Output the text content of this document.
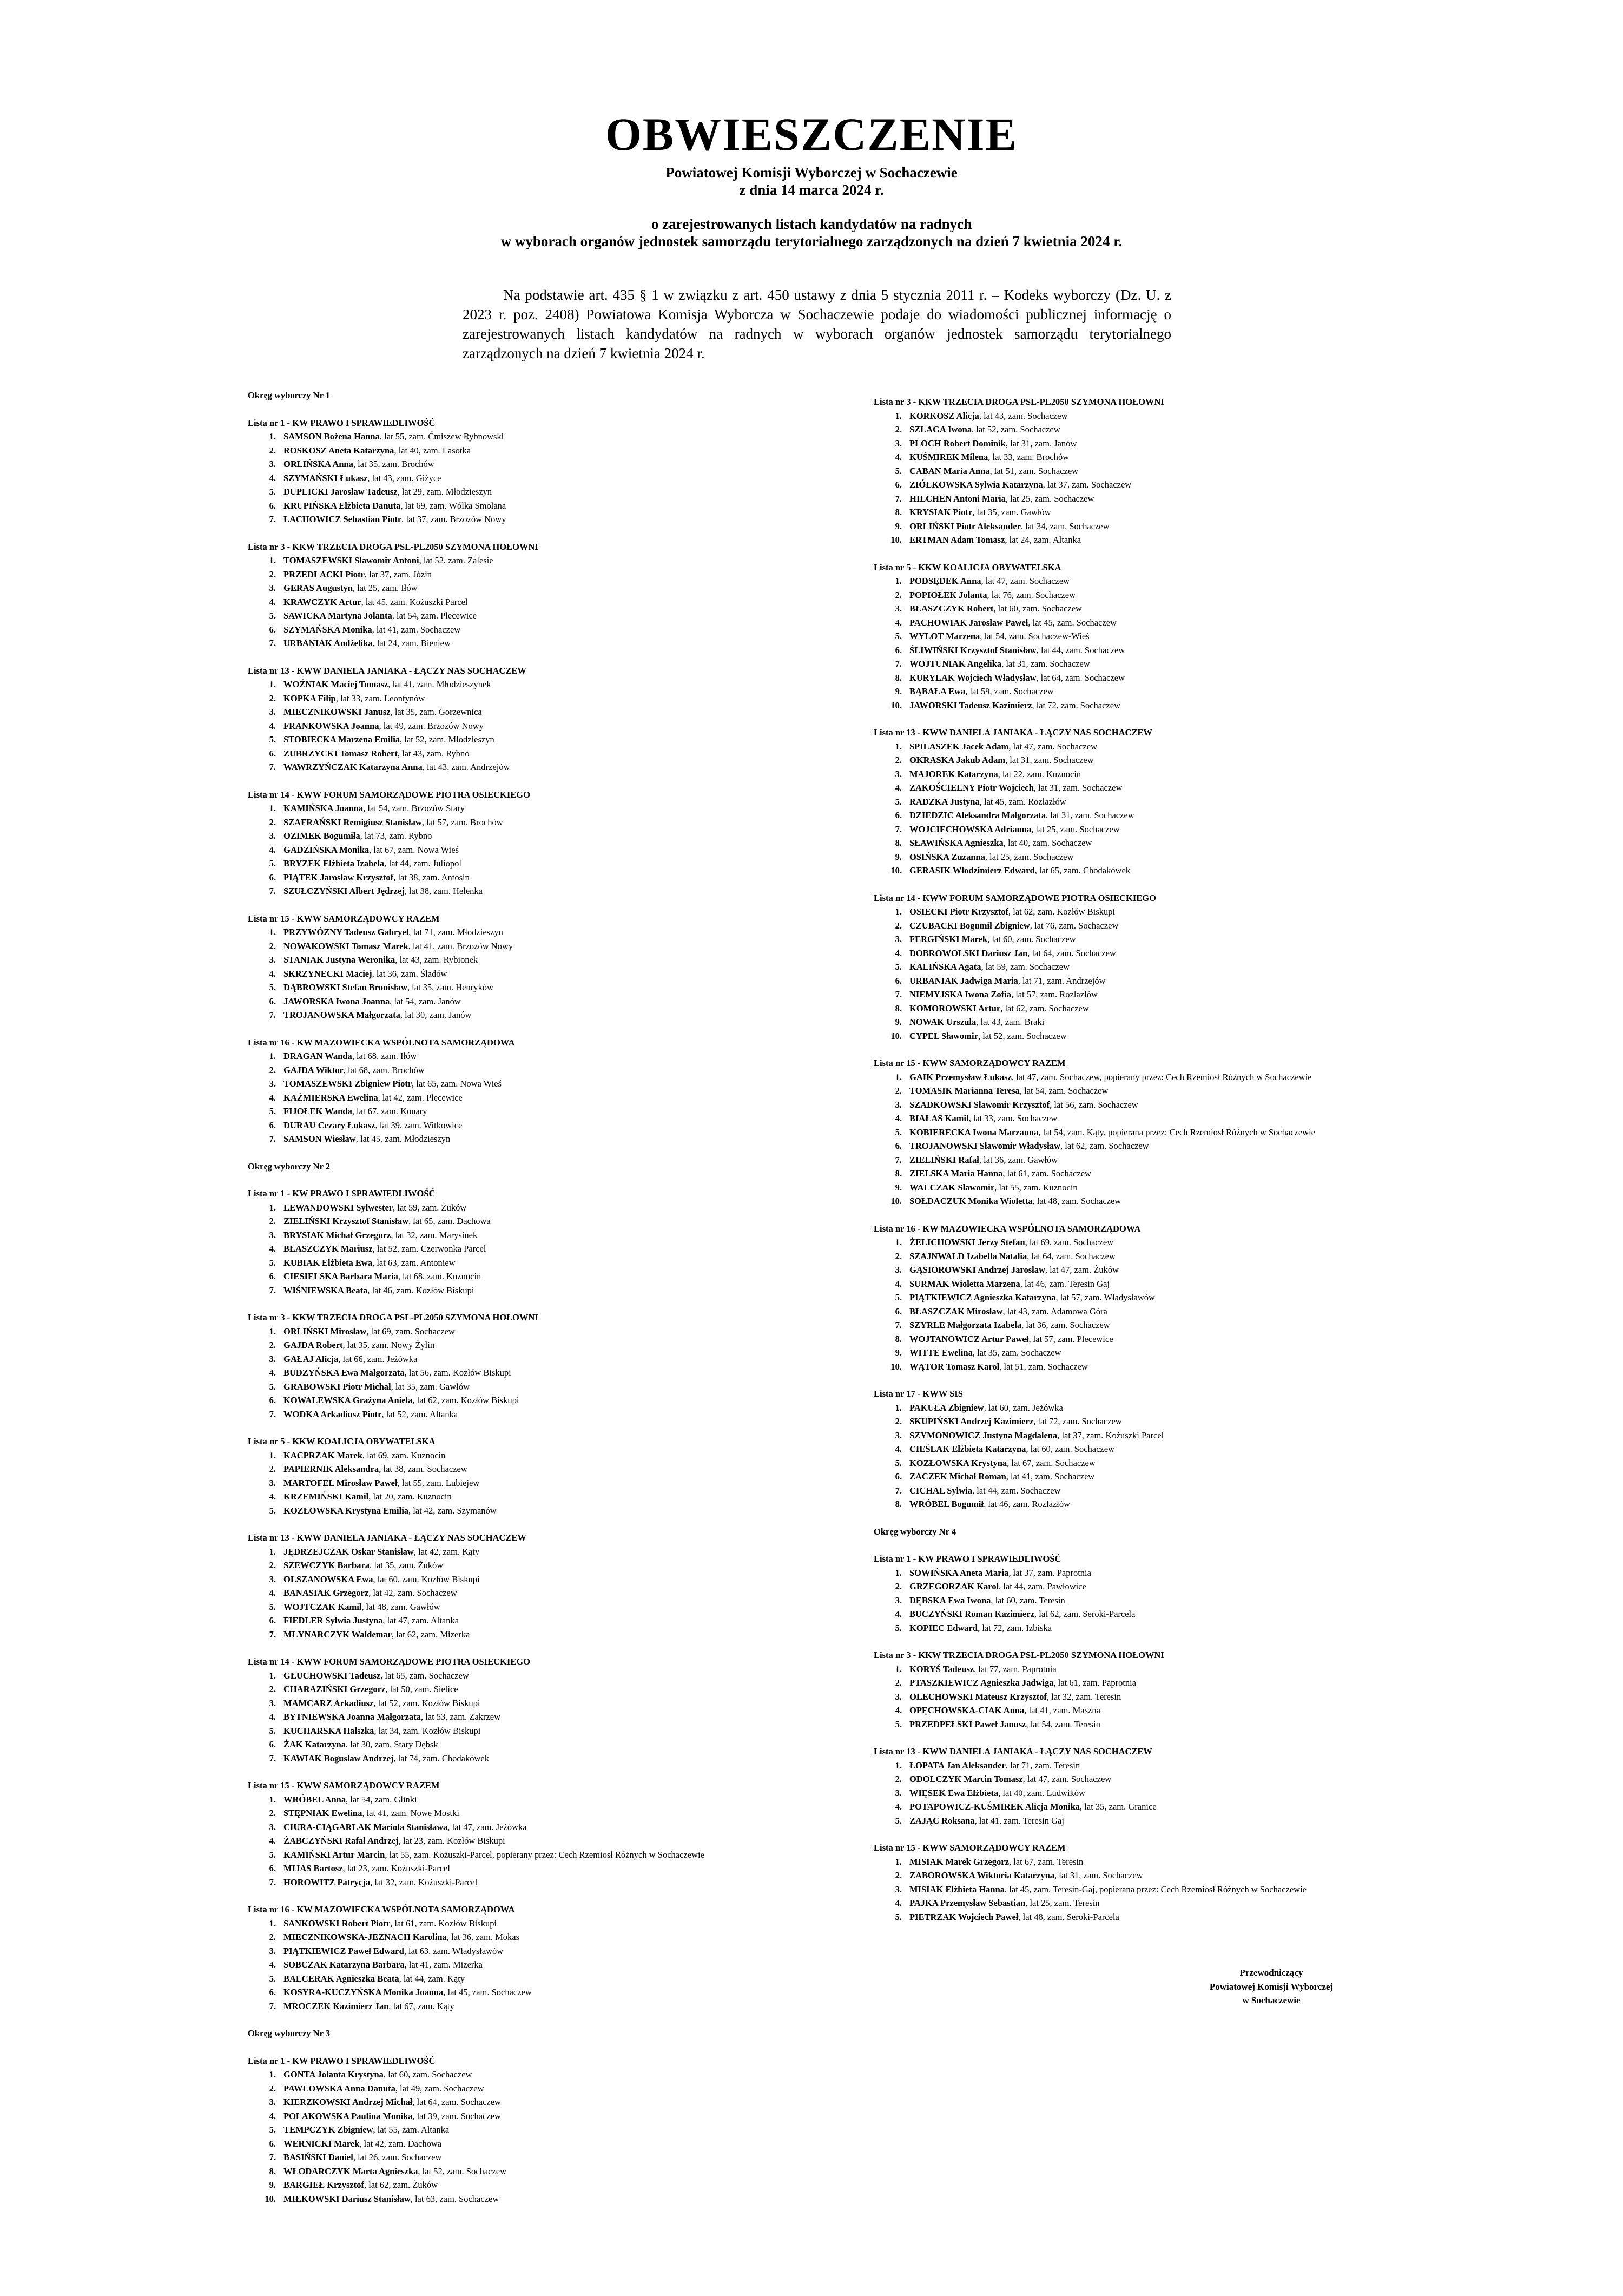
OBWIESZCZENIE
Powiatowej Komisji Wyborczej w Sochaczewie
z dnia 14 marca 2024 r.
o zarejestrowanych listach kandydatów na radnych
w wyborach organów jednostek samorządu terytorialnego zarządzonych na dzień 7 kwietnia 2024 r.
Na podstawie art. 435 § 1 w związku z art. 450 ustawy z dnia 5 stycznia 2011 r. – Kodeks wyborczy (Dz. U. z 2023 r. poz. 2408) Powiatowa Komisja Wyborcza w Sochaczewie podaje do wiadomości publicznej informację o zarejestrowanych listach kandydatów na radnych w wyborach organów jednostek samorządu terytorialnego zarządzonych na dzień 7 kwietnia 2024 r.
Okręg wyborczy Nr 1
Lista nr 1 - KW PRAWO I SPRAWIEDLIWOŚĆ
1. SAMSON Bożena Hanna, lat 55, zam. Ćmiszew Rybnowski
2. ROSKOSZ Aneta Katarzyna, lat 40, zam. Lasotka
3. ORLIŃSKA Anna, lat 35, zam. Brochów
4. SZYMAŃSKI Łukasz, lat 43, zam. Giżyce
5. DUPLICKI Jarosław Tadeusz, lat 29, zam. Młodzieszyn
6. KRUPIŃSKA Elżbieta Danuta, lat 69, zam. Wólka Smolana
7. LACHOWICZ Sebastian Piotr, lat 37, zam. Brzozów Nowy
Lista nr 3 - KKW TRZECIA DROGA PSL-PL2050 SZYMONA HOŁOWNI
1. TOMASZEWSKI Sławomir Antoni, lat 52, zam. Zalesie
2. PRZEDLACKI Piotr, lat 37, zam. Józin
3. GERAS Augustyn, lat 25, zam. Iłów
4. KRAWCZYK Artur, lat 45, zam. Kożuszki Parcel
5. SAWICKA Martyna Jolanta, lat 54, zam. Plecewice
6. SZYMAŃSKA Monika, lat 41, zam. Sochaczew
7. URBANIAK Andżelika, lat 24, zam. Bieniew
Lista nr 13 - KWW DANIELA JANIAKA - ŁĄCZY NAS SOCHACZEW
1. WOŹNIAK Maciej Tomasz, lat 41, zam. Młodzieszynek
2. KOPKA Filip, lat 33, zam. Leontynów
3. MIECZNIKOWSKI Janusz, lat 35, zam. Gorzewnica
4. FRANKOWSKA Joanna, lat 49, zam. Brzozów Nowy
5. STOBIECKA Marzena Emilia, lat 52, zam. Młodzieszyn
6. ZUBRZYCKI Tomasz Robert, lat 43, zam. Rybno
7. WAWRZYŃCZAK Katarzyna Anna, lat 43, zam. Andrzejów
Lista nr 14 - KWW FORUM SAMORZĄDOWE PIOTRA OSIECKIEGO
1. KAMIŃSKA Joanna, lat 54, zam. Brzozów Stary
2. SZAFRAŃSKI Remigiusz Stanisław, lat 57, zam. Brochów
3. OZIMEK Bogumiła, lat 73, zam. Rybno
4. GADZIŃSKA Monika, lat 67, zam. Nowa Wieś
5. BRYZEK Elżbieta Izabela, lat 44, zam. Juliopol
6. PIĄTEK Jarosław Krzysztof, lat 38, zam. Antosin
7. SZUŁCZYŃSKI Albert Jędrzej, lat 38, zam. Helenka
Lista nr 15 - KWW SAMORZĄDOWCY RAZEM
1. PRZYWÓZNY Tadeusz Gabryel, lat 71, zam. Młodzieszyn
2. NOWAKOWSKI Tomasz Marek, lat 41, zam. Brzozów Nowy
3. STANIAK Justyna Weronika, lat 43, zam. Rybionek
4. SKRZYNECKI Maciej, lat 36, zam. Śladów
5. DĄBROWSKI Stefan Bronisław, lat 35, zam. Henryków
6. JAWORSKA Iwona Joanna, lat 54, zam. Janów
7. TROJANOWSKA Małgorzata, lat 30, zam. Janów
Lista nr 16 - KW MAZOWIECKA WSPÓLNOTA SAMORZĄDOWA
1. DRAGAN Wanda, lat 68, zam. Iłów
2. GAJDA Wiktor, lat 68, zam. Brochów
3. TOMASZEWSKI Zbigniew Piotr, lat 65, zam. Nowa Wieś
4. KAŹMIERSKA Ewelina, lat 42, zam. Plecewice
5. FIJOŁEK Wanda, lat 67, zam. Konary
6. DURAU Cezary Łukasz, lat 39, zam. Witkowice
7. SAMSON Wiesław, lat 45, zam. Młodzieszyn
Okręg wyborczy Nr 2
Lista nr 1 - KW PRAWO I SPRAWIEDLIWOŚĆ
1. LEWANDOWSKI Sylwester, lat 59, zam. Żuków
2. ZIELIŃSKI Krzysztof Stanisław, lat 65, zam. Dachowa
3. BRYSIAK Michał Grzegorz, lat 32, zam. Marysinek
4. BŁASZCZYK Mariusz, lat 52, zam. Czerwonka Parcel
5. KUBIAK Elżbieta Ewa, lat 63, zam. Antoniew
6. CIESIELSKA Barbara Maria, lat 68, zam. Kuznocin
7. WIŚNIEWSKA Beata, lat 46, zam. Kozłów Biskupi
Lista nr 3 - KKW TRZECIA DROGA PSL-PL2050 SZYMONA HOŁOWNI
1. ORLIŃSKI Mirosław, lat 69, zam. Sochaczew
2. GAJDA Robert, lat 35, zam. Nowy Żylin
3. GAŁAJ Alicja, lat 66, zam. Jeżówka
4. BUDZYŃSKA Ewa Małgorzata, lat 56, zam. Kozłów Biskupi
5. GRABOWSKI Piotr Michał, lat 35, zam. Gawłów
6. KOWALEWSKA Grażyna Aniela, lat 62, zam. Kozłów Biskupi
7. WODKA Arkadiusz Piotr, lat 52, zam. Altanka
Lista nr 5 - KKW KOALICJA OBYWATELSKA
1. KACPRZAK Marek, lat 69, zam. Kuznocin
2. PAPIERNIK Aleksandra, lat 38, zam. Sochaczew
3. MARTOFEL Mirosław Paweł, lat 55, zam. Lubiejew
4. KRZEMIŃSKI Kamil, lat 20, zam. Kuznocin
5. KOZŁOWSKA Krystyna Emilia, lat 42, zam. Szymanów
Lista nr 13 - KWW DANIELA JANIAKA - ŁĄCZY NAS SOCHACZEW
1. JĘDRZEJCZAK Oskar Stanisław, lat 42, zam. Kąty
2. SZEWCZYK Barbara, lat 35, zam. Żuków
3. OLSZANOWSKA Ewa, lat 60, zam. Kozłów Biskupi
4. BANASIAK Grzegorz, lat 42, zam. Sochaczew
5. WOJTCZAK Kamil, lat 48, zam. Gawłów
6. FIEDLER Sylwia Justyna, lat 47, zam. Altanka
7. MŁYNARCZYK Waldemar, lat 62, zam. Mizerka
Lista nr 14 - KWW FORUM SAMORZĄDOWE PIOTRA OSIECKIEGO
1. GŁUCHOWSKI Tadeusz, lat 65, zam. Sochaczew
2. CHARAZIŃSKI Grzegorz, lat 50, zam. Sielice
3. MAMCARZ Arkadiusz, lat 52, zam. Kozłów Biskupi
4. BYTNIEWSKA Joanna Małgorzata, lat 53, zam. Zakrzew
5. KUCHARSKA Halszka, lat 34, zam. Kozłów Biskupi
6. ŻAK Katarzyna, lat 30, zam. Stary Dębsk
7. KAWIAK Bogusław Andrzej, lat 74, zam. Chodakówek
Lista nr 15 - KWW SAMORZĄDOWCY RAZEM
1. WRÓBEL Anna, lat 54, zam. Glinki
2. STĘPNIAK Ewelina, lat 41, zam. Nowe Mostki
3. CIURA-CIĄGARLAK Mariola Stanisława, lat 47, zam. Jeżówka
4. ŻABCZYŃSKI Rafał Andrzej, lat 23, zam. Kozłów Biskupi
5. KAMIŃSKI Artur Marcin, lat 55, zam. Kożuszki-Parcel, popierany przez: Cech Rzemiosł Różnych w Sochaczewie
6. MIJAS Bartosz, lat 23, zam. Kożuszki-Parcel
7. HOROWITZ Patrycja, lat 32, zam. Kożuszki-Parcel
Lista nr 16 - KW MAZOWIECKA WSPÓLNOTA SAMORZĄDOWA
1. SANKOWSKI Robert Piotr, lat 61, zam. Kozłów Biskupi
2. MIECZNIKOWSKA-JEZNACH Karolina, lat 36, zam. Mokas
3. PIĄTKIEWICZ Paweł Edward, lat 63, zam. Władysławów
4. SOBCZAK Katarzyna Barbara, lat 41, zam. Mizerka
5. BALCERAK Agnieszka Beata, lat 44, zam. Kąty
6. KOSYRA-KUCZYŃSKA Monika Joanna, lat 45, zam. Sochaczew
7. MROCZEK Kazimierz Jan, lat 67, zam. Kąty
Okręg wyborczy Nr 3
Lista nr 1 - KW PRAWO I SPRAWIEDLIWOŚĆ
1. GONTA Jolanta Krystyna, lat 60, zam. Sochaczew
2. PAWŁOWSKA Anna Danuta, lat 49, zam. Sochaczew
3. KIERZKOWSKI Andrzej Michał, lat 64, zam. Sochaczew
4. POLAKOWSKA Paulina Monika, lat 39, zam. Sochaczew
5. TEMPCZYK Zbigniew, lat 55, zam. Altanka
6. WERNICKI Marek, lat 42, zam. Dachowa
7. BASIŃSKI Daniel, lat 26, zam. Sochaczew
8. WŁODARCZYK Marta Agnieszka, lat 52, zam. Sochaczew
9. BARGIEŁ Krzysztof, lat 62, zam. Żuków
10. MIŁKOWSKI Dariusz Stanisław, lat 63, zam. Sochaczew
Lista nr 3 - KKW TRZECIA DROGA PSL-PL2050 SZYMONA HOŁOWNI
1. KORKOSZ Alicja, lat 43, zam. Sochaczew
2. SZLAGA Iwona, lat 52, zam. Sochaczew
3. PLOCH Robert Dominik, lat 31, zam. Janów
4. KUŚMIREK Milena, lat 33, zam. Brochów
5. CABAN Maria Anna, lat 51, zam. Sochaczew
6. ZIÓŁKOWSKA Sylwia Katarzyna, lat 37, zam. Sochaczew
7. HILCHEN Antoni Maria, lat 25, zam. Sochaczew
8. KRYSIAK Piotr, lat 35, zam. Gawłów
9. ORLIŃSKI Piotr Aleksander, lat 34, zam. Sochaczew
10. ERTMAN Adam Tomasz, lat 24, zam. Altanka
Lista nr 5 - KKW KOALICJA OBYWATELSKA
1. PODSĘDEK Anna, lat 47, zam. Sochaczew
2. POPIOŁEK Jolanta, lat 76, zam. Sochaczew
3. BŁASZCZYK Robert, lat 60, zam. Sochaczew
4. PACHOWIAK Jarosław Paweł, lat 45, zam. Sochaczew
5. WYLOT Marzena, lat 54, zam. Sochaczew-Wieś
6. ŚLIWIŃSKI Krzysztof Stanisław, lat 44, zam. Sochaczew
7. WOJTUNIAK Angelika, lat 31, zam. Sochaczew
8. KURYLAK Wojciech Władysław, lat 64, zam. Sochaczew
9. BĄBAŁA Ewa, lat 59, zam. Sochaczew
10. JAWORSKI Tadeusz Kazimierz, lat 72, zam. Sochaczew
Lista nr 13 - KWW DANIELA JANIAKA - ŁĄCZY NAS SOCHACZEW
1. SPILASZEK Jacek Adam, lat 47, zam. Sochaczew
2. OKRASKA Jakub Adam, lat 31, zam. Sochaczew
3. MAJOREK Katarzyna, lat 22, zam. Kuznocin
4. ZAKOŚCIELNY Piotr Wojciech, lat 31, zam. Sochaczew
5. RADZKA Justyna, lat 45, zam. Rozlazłów
6. DZIEDZIC Aleksandra Małgorzata, lat 31, zam. Sochaczew
7. WOJCIECHOWSKA Adrianna, lat 25, zam. Sochaczew
8. SŁAWIŃSKA Agnieszka, lat 40, zam. Sochaczew
9. OSIŃSKA Zuzanna, lat 25, zam. Sochaczew
10. GERASIK Włodzimierz Edward, lat 65, zam. Chodakówek
Lista nr 14 - KWW FORUM SAMORZĄDOWE PIOTRA OSIECKIEGO
1. OSIECKI Piotr Krzysztof, lat 62, zam. Kozłów Biskupi
2. CZUBACKI Bogumił Zbigniew, lat 76, zam. Sochaczew
3. FERGIŃSKI Marek, lat 60, zam. Sochaczew
4. DOBROWOLSKI Dariusz Jan, lat 64, zam. Sochaczew
5. KALIŃSKA Agata, lat 59, zam. Sochaczew
6. URBANIAK Jadwiga Maria, lat 71, zam. Andrzejów
7. NIEMYJSKA Iwona Zofia, lat 57, zam. Rozlazłów
8. KOMOROWSKI Artur, lat 62, zam. Sochaczew
9. NOWAK Urszula, lat 43, zam. Braki
10. CYPEL Sławomir, lat 52, zam. Sochaczew
Lista nr 15 - KWW SAMORZĄDOWCY RAZEM
1. GAIK Przemysław Łukasz, lat 47, zam. Sochaczew, popierany przez: Cech Rzemiosł Różnych w Sochaczewie
2. TOMASIK Marianna Teresa, lat 54, zam. Sochaczew
3. SZADKOWSKI Sławomir Krzysztof, lat 56, zam. Sochaczew
4. BIAŁAS Kamil, lat 33, zam. Sochaczew
5. KOBIERECKA Iwona Marzanna, lat 54, zam. Kąty, popierana przez: Cech Rzemiosł Różnych w Sochaczewie
6. TROJANOWSKI Sławomir Władysław, lat 62, zam. Sochaczew
7. ZIELIŃSKI Rafał, lat 36, zam. Gawłów
8. ZIELSKA Maria Hanna, lat 61, zam. Sochaczew
9. WALCZAK Sławomir, lat 55, zam. Kuznocin
10. SOŁDACZUK Monika Wioletta, lat 48, zam. Sochaczew
Lista nr 16 - KW MAZOWIECKA WSPÓLNOTA SAMORZĄDOWA
1. ŻELICHOWSKI Jerzy Stefan, lat 69, zam. Sochaczew
2. SZAJNWALD Izabella Natalia, lat 64, zam. Sochaczew
3. GĄSIOROWSKI Andrzej Jarosław, lat 47, zam. Żuków
4. SURMAK Wioletta Marzena, lat 46, zam. Teresin Gaj
5. PIĄTKIEWICZ Agnieszka Katarzyna, lat 57, zam. Władysławów
6. BŁASZCZAK Mirosław, lat 43, zam. Adamowa Góra
7. SZYRLE Małgorzata Izabela, lat 36, zam. Sochaczew
8. WOJTANOWICZ Artur Paweł, lat 57, zam. Plecewice
9. WITTE Ewelina, lat 35, zam. Sochaczew
10. WĄTOR Tomasz Karol, lat 51, zam. Sochaczew
Lista nr 17 - KWW SIS
1. PAKUŁA Zbigniew, lat 60, zam. Jeżówka
2. SKUPIŃSKI Andrzej Kazimierz, lat 72, zam. Sochaczew
3. SZYMONOWICZ Justyna Magdalena, lat 37, zam. Kożuszki Parcel
4. CIEŚLAK Elżbieta Katarzyna, lat 60, zam. Sochaczew
5. KOZŁOWSKA Krystyna, lat 67, zam. Sochaczew
6. ZACZEK Michał Roman, lat 41, zam. Sochaczew
7. CICHAL Sylwia, lat 44, zam. Sochaczew
8. WRÓBEL Bogumił, lat 46, zam. Rozlazłów
Okręg wyborczy Nr 4
Lista nr 1 - KW PRAWO I SPRAWIEDLIWOŚĆ
1. SOWIŃSKA Aneta Maria, lat 37, zam. Paprotnia
2. GRZEGORZAK Karol, lat 44, zam. Pawłowice
3. DĘBSKA Ewa Iwona, lat 60, zam. Teresin
4. BUCZYŃSKI Roman Kazimierz, lat 62, zam. Seroki-Parcela
5. KOPIEC Edward, lat 72, zam. Izbiska
Lista nr 3 - KKW TRZECIA DROGA PSL-PL2050 SZYMONA HOŁOWNI
1. KORYŚ Tadeusz, lat 77, zam. Paprotnia
2. PTASZKIEWICZ Agnieszka Jadwiga, lat 61, zam. Paprotnia
3. OLECHOWSKI Mateusz Krzysztof, lat 32, zam. Teresin
4. OPĘCHOWSKA-CIAK Anna, lat 41, zam. Maszna
5. PRZEDPEŁSKI Paweł Janusz, lat 54, zam. Teresin
Lista nr 13 - KWW DANIELA JANIAKA - ŁĄCZY NAS SOCHACZEW
1. ŁOPATA Jan Aleksander, lat 71, zam. Teresin
2. ODOLCZYK Marcin Tomasz, lat 47, zam. Sochaczew
3. WIĘSEK Ewa Elżbieta, lat 40, zam. Ludwików
4. POTAPOWICZ-KUŚMIREK Alicja Monika, lat 35, zam. Granice
5. ZAJĄC Roksana, lat 41, zam. Teresin Gaj
Lista nr 15 - KWW SAMORZĄDOWCY RAZEM
1. MISIAK Marek Grzegorz, lat 67, zam. Teresin
2. ZABOROWSKA Wiktoria Katarzyna, lat 31, zam. Sochaczew
3. MISIAK Elżbieta Hanna, lat 45, zam. Teresin-Gaj, popierana przez: Cech Rzemiosł Różnych w Sochaczewie
4. PAJKA Przemysław Sebastian, lat 25, zam. Teresin
5. PIETRZAK Wojciech Paweł, lat 48, zam. Seroki-Parcela
Przewodniczący
Powiatowej Komisji Wyborczej
w Sochaczewie
